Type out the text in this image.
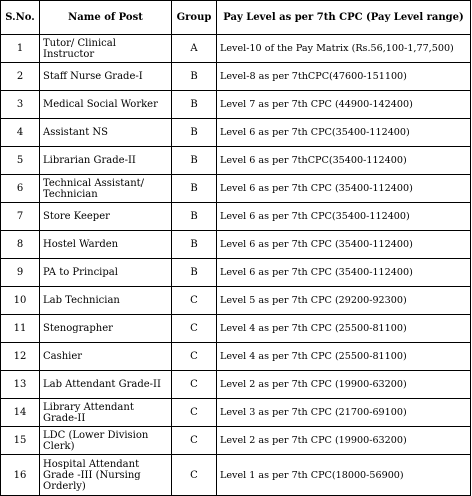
S.No.	Name of Post	Group	Pay Level as per 7th CPC (Pay Level range)
1	Tutor/ Clinical Instructor	A	Level-10 of the Pay Matrix (Rs.56,100-1,77,500)
2	Staff Nurse Grade-I	B	Level-8 as per 7thCPC(47600-151100)
3	Medical Social Worker	B	Level 7 as per 7th CPC (44900-142400)
4	Assistant NS	B	Level 6 as per 7th CPC(35400-112400)
5	Librarian Grade-II	B	Level 6 as per 7thCPC(35400-112400)
6	Technical Assistant/ Technician	B	Level 6 as per 7th CPC (35400-112400)
7	Store Keeper	B	Level 6 as per 7th CPC(35400-112400)
8	Hostel Warden	B	Level 6 as per 7th CPC (35400-112400)
9	PA to Principal	B	Level 6 as per 7th CPC (35400-112400)
10	Lab Technician	C	Level 5 as per 7th CPC (29200-92300)
11	Stenographer	C	Level 4 as per 7th CPC (25500-81100)
12	Cashier	C	Level 4 as per 7th CPC (25500-81100)
13	Lab Attendant Grade-II	C	Level 2 as per 7th CPC (19900-63200)
14	Library Attendant Grade-II	C	Level 3 as per 7th CPC (21700-69100)
15	LDC (Lower Division Clerk)	C	Level 2 as per 7th CPC (19900-63200)
16	Hospital Attendant Grade -III (Nursing Orderly)	C	Level 1 as per 7th CPC(18000-56900)
